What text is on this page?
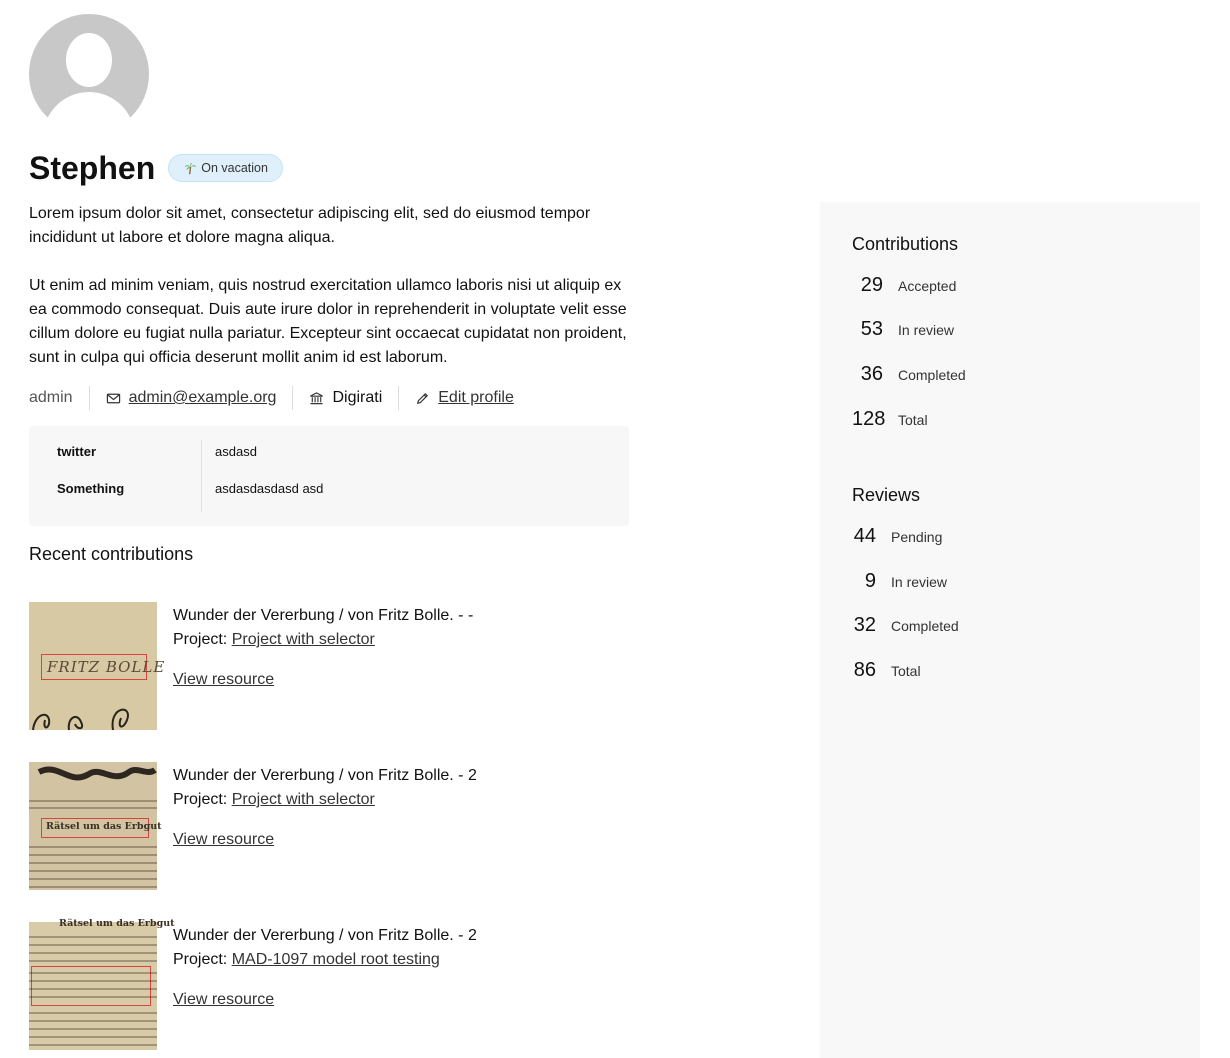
Stephen	On vacation

Lorem ipsum dolor sit amet, consectetur adipiscing elit, sed do eiusmod tempor incididunt ut labore et dolore magna aliqua.

Ut enim ad minim veniam, quis nostrud exercitation ullamco laboris nisi ut aliquip ex ea commodo consequat. Duis aute irure dolor in reprehenderit in voluptate velit esse cillum dolore eu fugiat nulla pariatur. Excepteur sint occaecat cupidatat non proident, sunt in culpa qui officia deserunt mollit anim id est laborum.

admin	admin@example.org	Digirati	Edit profile
twitter	asdasd
Something	asdasdasdasd asd
Recent contributions
FRITZ BOLLE
Wunder der Vererbung / von Fritz Bolle. - -
Project: Project with selector
View resource
Rätsel um das Erbgut
Wunder der Vererbung / von Fritz Bolle. - 2
Project: Project with selector
View resource
Rätsel um das Erbgut
Wunder der Vererbung / von Fritz Bolle. - 2
Project: MAD-1097 model root testing
View resource
Contributions
29 Accepted
53 In review
36 Completed
128 Total
Reviews
44 Pending
9 In review
32 Completed
86 Total
